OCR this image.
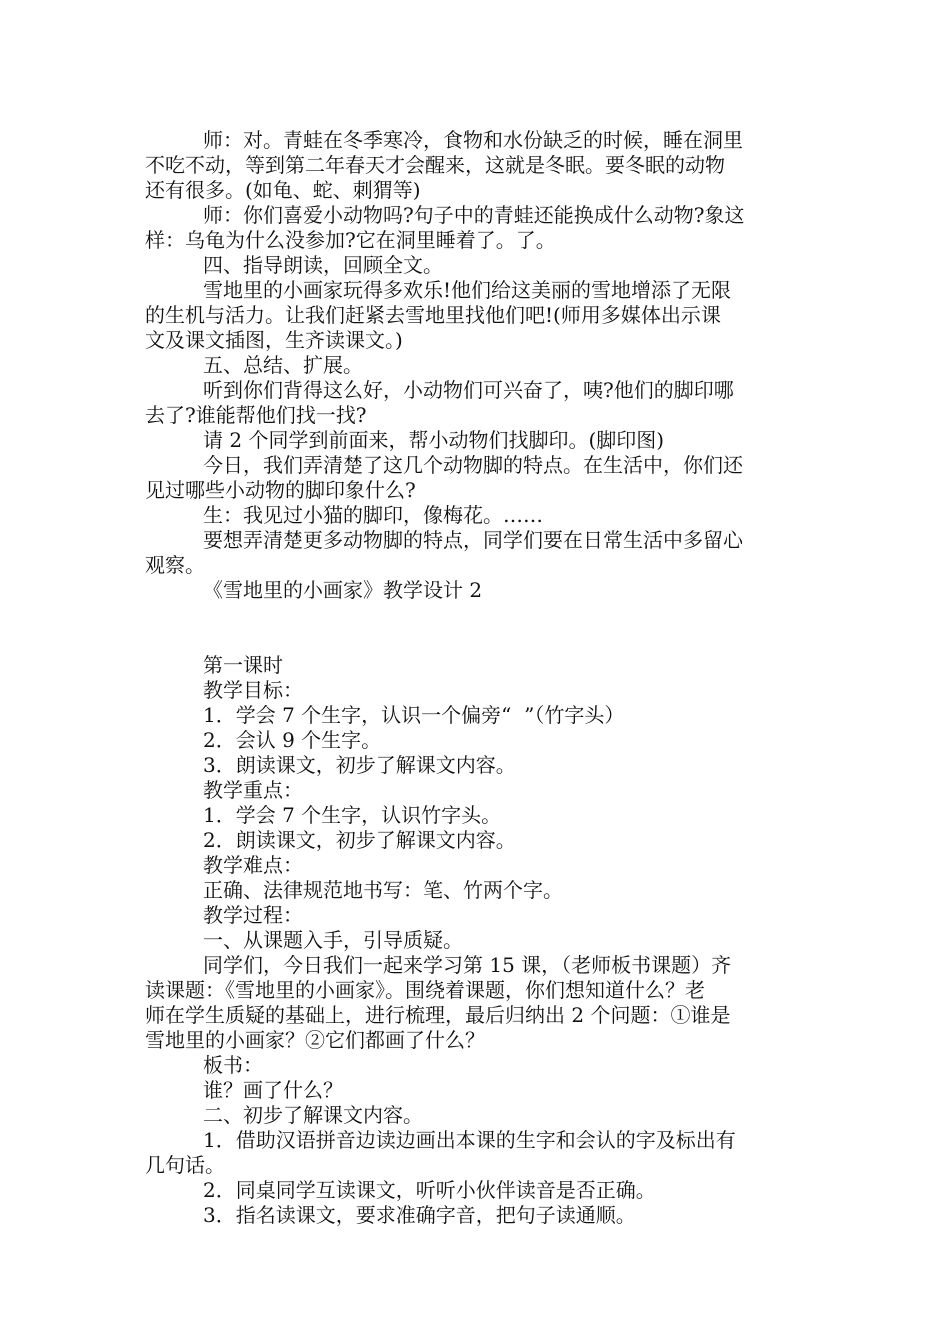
师：对。青蛙在冬季寒冷，食物和水份缺乏的时候，睡在洞里

不吃不动，等到第二年春天才会醒来，这就是冬眠。要冬眠的动物

还有很多。(如龟、蛇、刺猬等)

师：你们喜爱小动物吗?句子中的青蛙还能换成什么动物?象这

样：乌龟为什么没参加?它在洞里睡着了。了。

四、指导朗读，回顾全文。

雪地里的小画家玩得多欢乐!他们给这美丽的雪地增添了无限

的生机与活力。让我们赶紧去雪地里找他们吧!(师用多媒体出示课

文及课文插图，生齐读课文。)

五、总结、扩展。

听到你们背得这么好，小动物们可兴奋了，咦?他们的脚印哪

去了?谁能帮他们找一找?

请 2 个同学到前面来，帮小动物们找脚印。(脚印图)

今日，我们弄清楚了这几个动物脚的特点。在生活中，你们还

见过哪些小动物的脚印象什么?

生：我见过小猫的脚印，像梅花。……

要想弄清楚更多动物脚的特点，同学们要在日常生活中多留心

观察。

《雪地里的小画家》教学设计 2

第一课时

教学目标：

1．学会 7 个生字，认识一个偏旁“  ”（竹字头）

2．会认 9 个生字。

3．朗读课文，初步了解课文内容。

教学重点：

1．学会 7 个生字，认识竹字头。

2．朗读课文，初步了解课文内容。

教学难点：

正确、法律规范地书写：笔、竹两个字。

教学过程：

一、从课题入手，引导质疑。

同学们，今日我们一起来学习第 15 课，（老师板书课题）齐

读课题：《雪地里的小画家》。围绕着课题，你们想知道什么？老

师在学生质疑的基础上，进行梳理，最后归纳出 2 个问题：①谁是

雪地里的小画家？②它们都画了什么？

板书：

谁？画了什么？

二、初步了解课文内容。

1．借助汉语拼音边读边画出本课的生字和会认的字及标出有

几句话。

2．同桌同学互读课文，听听小伙伴读音是否正确。

3．指名读课文，要求准确字音，把句子读通顺。
